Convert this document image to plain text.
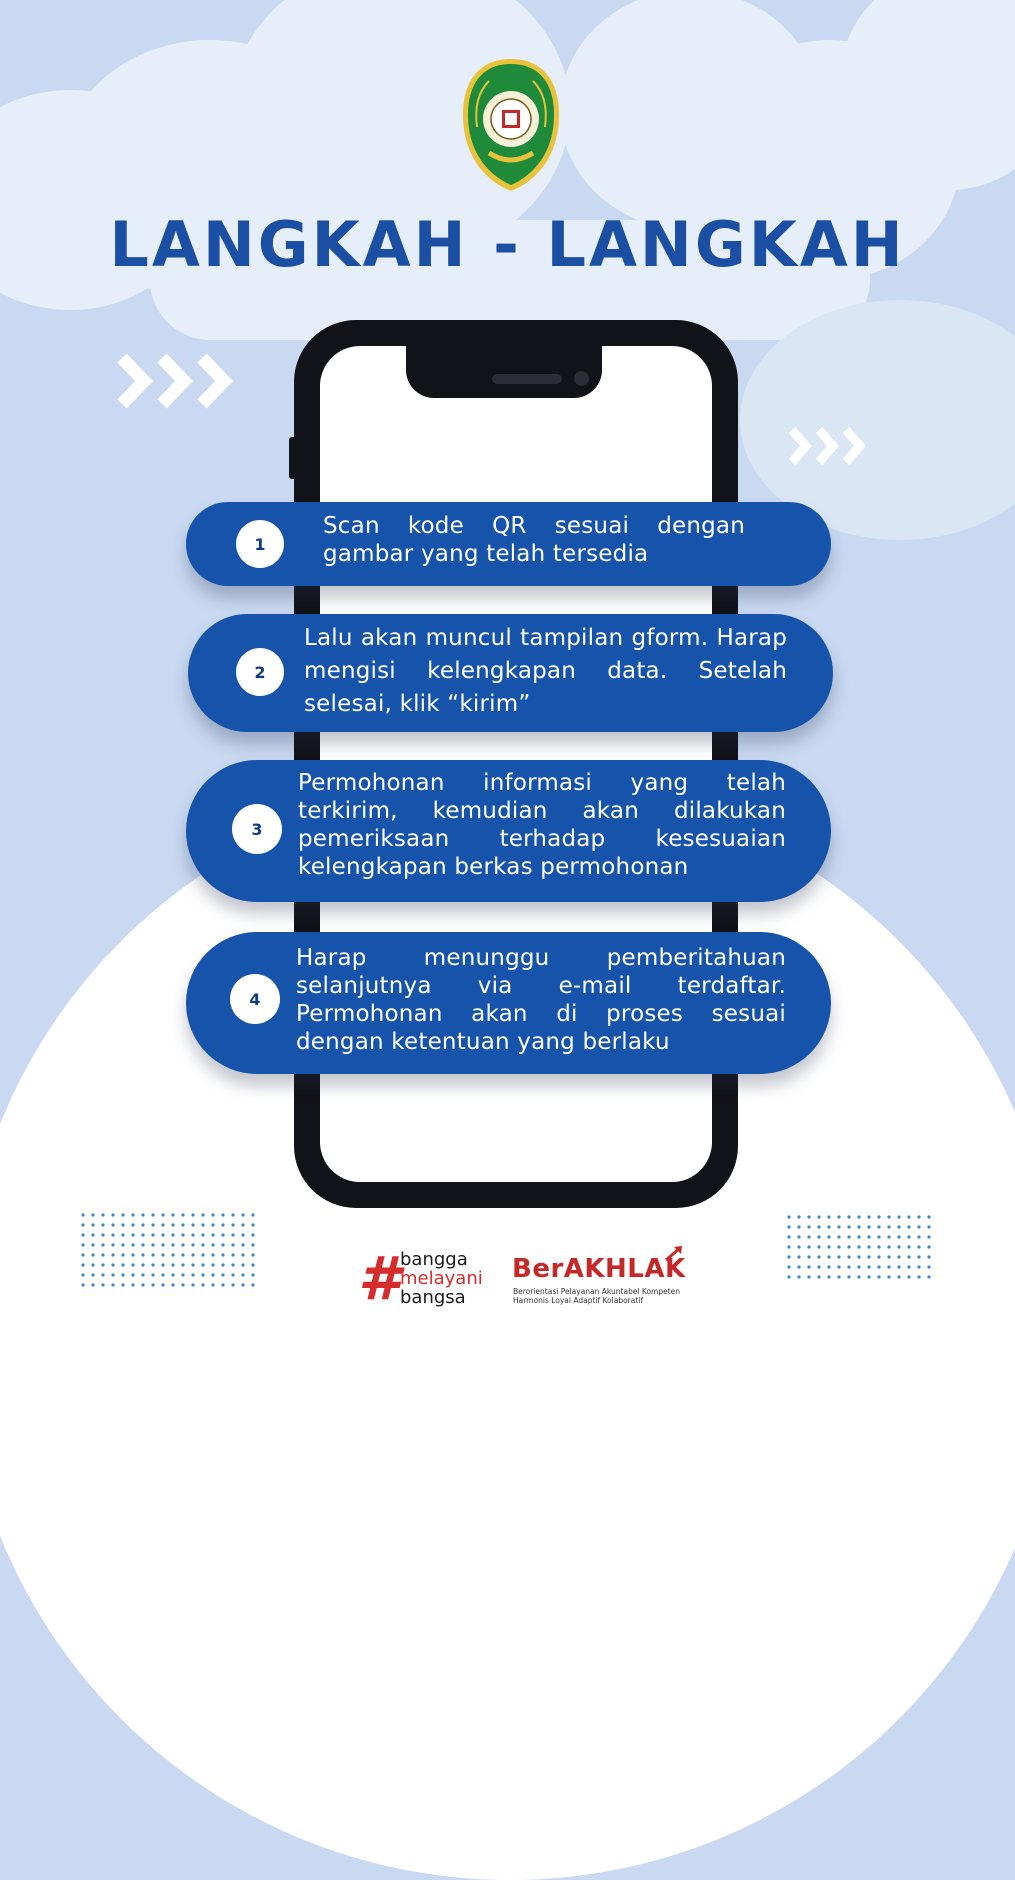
LANGKAH - LANGKAH
1
Scan kode QR sesuai dengan gambar yang telah tersedia
2
Lalu akan muncul tampilan gform. Harap mengisi kelengkapan data. Setelah selesai, klik “kirim”
3
Permohonan informasi yang telah terkirim, kemudian akan dilakukan pemeriksaan terhadap kesesuaian kelengkapan berkas permohonan
4
Harap menunggu pemberitahuan selanjutnya via e-mail terdaftar. Permohonan akan di proses sesuai dengan ketentuan yang berlaku
# bangga
melayani
bangsa
BerAKHLAK
Berorientasi Pelayanan Akuntabel Kompeten
Harmonis Loyal Adaptif Kolaboratif
